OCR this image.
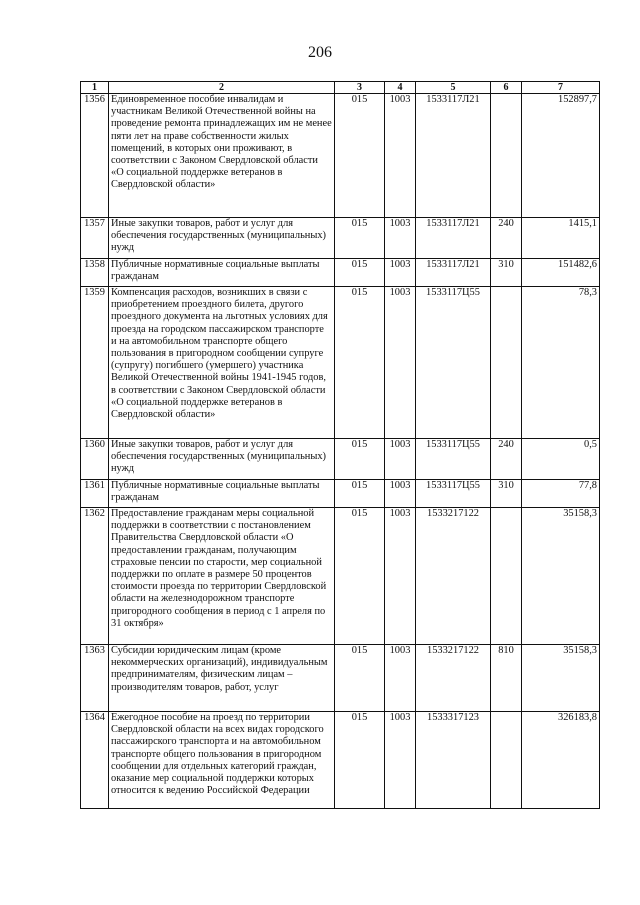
206
1	2	3	4	5	6	7
1356	Единовременное пособие инвалидам и участникам Великой Отечественной войны на проведение ремонта принадлежащих им не менее пяти лет на праве собственности жилых помещений, в которых они проживают, в соответствии с Законом Свердловской области «О социальной поддержке ветеранов в Свердловской области»	015	1003	1533117Л21		152897,7
1357	Иные закупки товаров, работ и услуг для обеспечения государственных (муниципальных) нужд	015	1003	1533117Л21	240	1415,1
1358	Публичные нормативные социальные выплаты гражданам	015	1003	1533117Л21	310	151482,6
1359	Компенсация расходов, возникших в связи с приобретением проездного билета, другого проездного документа на льготных условиях для проезда на городском пассажирском транспорте и на автомобильном транспорте общего пользования в пригородном сообщении супруге (супругу) погибшего (умершего) участника Великой Отечественной войны 1941-1945 годов, в соответствии с Законом Свердловской области «О социальной поддержке ветеранов в Свердловской области»	015	1003	1533117Ц55		78,3
1360	Иные закупки товаров, работ и услуг для обеспечения государственных (муниципальных) нужд	015	1003	1533117Ц55	240	0,5
1361	Публичные нормативные социальные выплаты гражданам	015	1003	1533117Ц55	310	77,8
1362	Предоставление гражданам меры социальной поддержки в соответствии с постановлением Правительства Свердловской области «О предоставлении гражданам, получающим страховые пенсии по старости, мер социальной поддержки по оплате в размере 50 процентов стоимости проезда по территории Свердловской области на железнодорожном транспорте пригородного сообщения в период с 1 апреля по 31 октября»	015	1003	1533217122		35158,3
1363	Субсидии юридическим лицам (кроме некоммерческих организаций), индивидуальным предпринимателям, физическим лицам – производителям товаров, работ, услуг	015	1003	1533217122	810	35158,3
1364	Ежегодное пособие на проезд по территории Свердловской области на всех видах городского пассажирского транспорта и на автомобильном транспорте общего пользования в пригородном сообщении для отдельных категорий граждан, оказание мер социальной поддержки которых относится к ведению Российской Федерации	015	1003	1533317123		326183,8
